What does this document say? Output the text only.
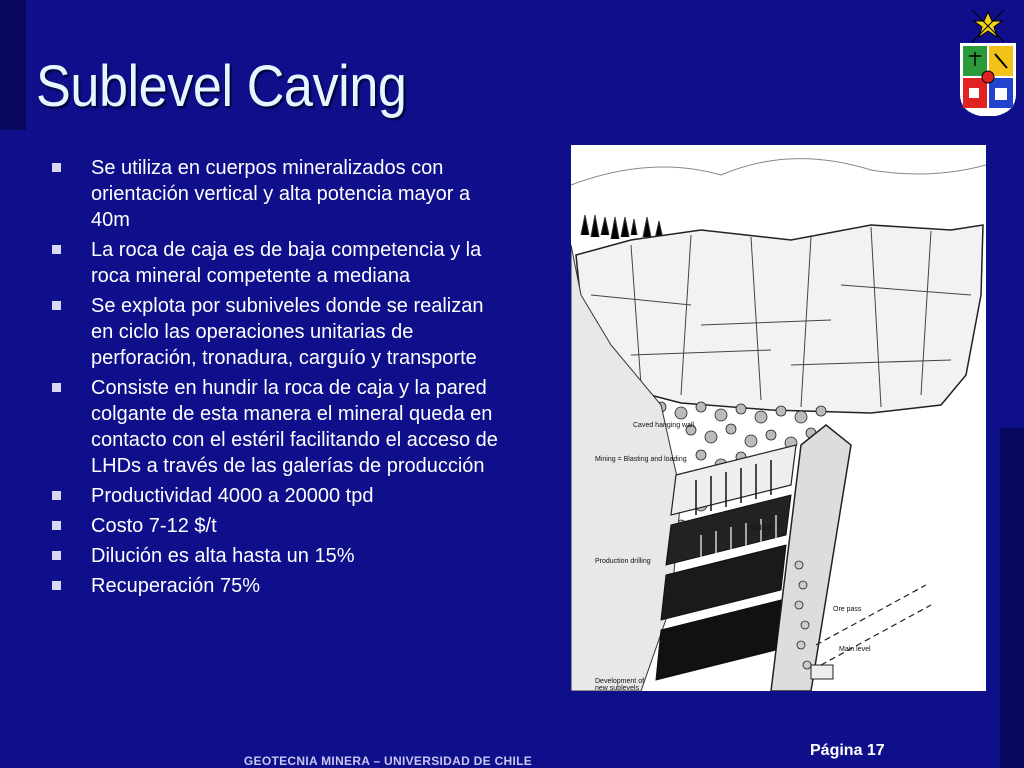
Sublevel Caving
Se utiliza en cuerpos mineralizados con orientación vertical y alta potencia mayor a 40m
La roca de caja es de baja competencia y la roca mineral competente a mediana
Se explota por subniveles donde se realizan en ciclo las operaciones unitarias de perforación, tronadura, carguío y transporte
Consiste en hundir la roca de caja y la pared colgante de esta manera el mineral queda en contacto con el estéril facilitando el acceso de LHDs a través de las galerías de producción
Productividad 4000 a 20000 tpd
Costo 7-12 $/t
Dilución es alta hasta un 15%
Recuperación 75%
Caved hanging wall
Mining = Blasting and loading
Drilled
Production drilling
Ore pass
Main level
Development of
new sublevels
GEOTECNIA MINERA – UNIVERSIDAD DE CHILE
Página 17
